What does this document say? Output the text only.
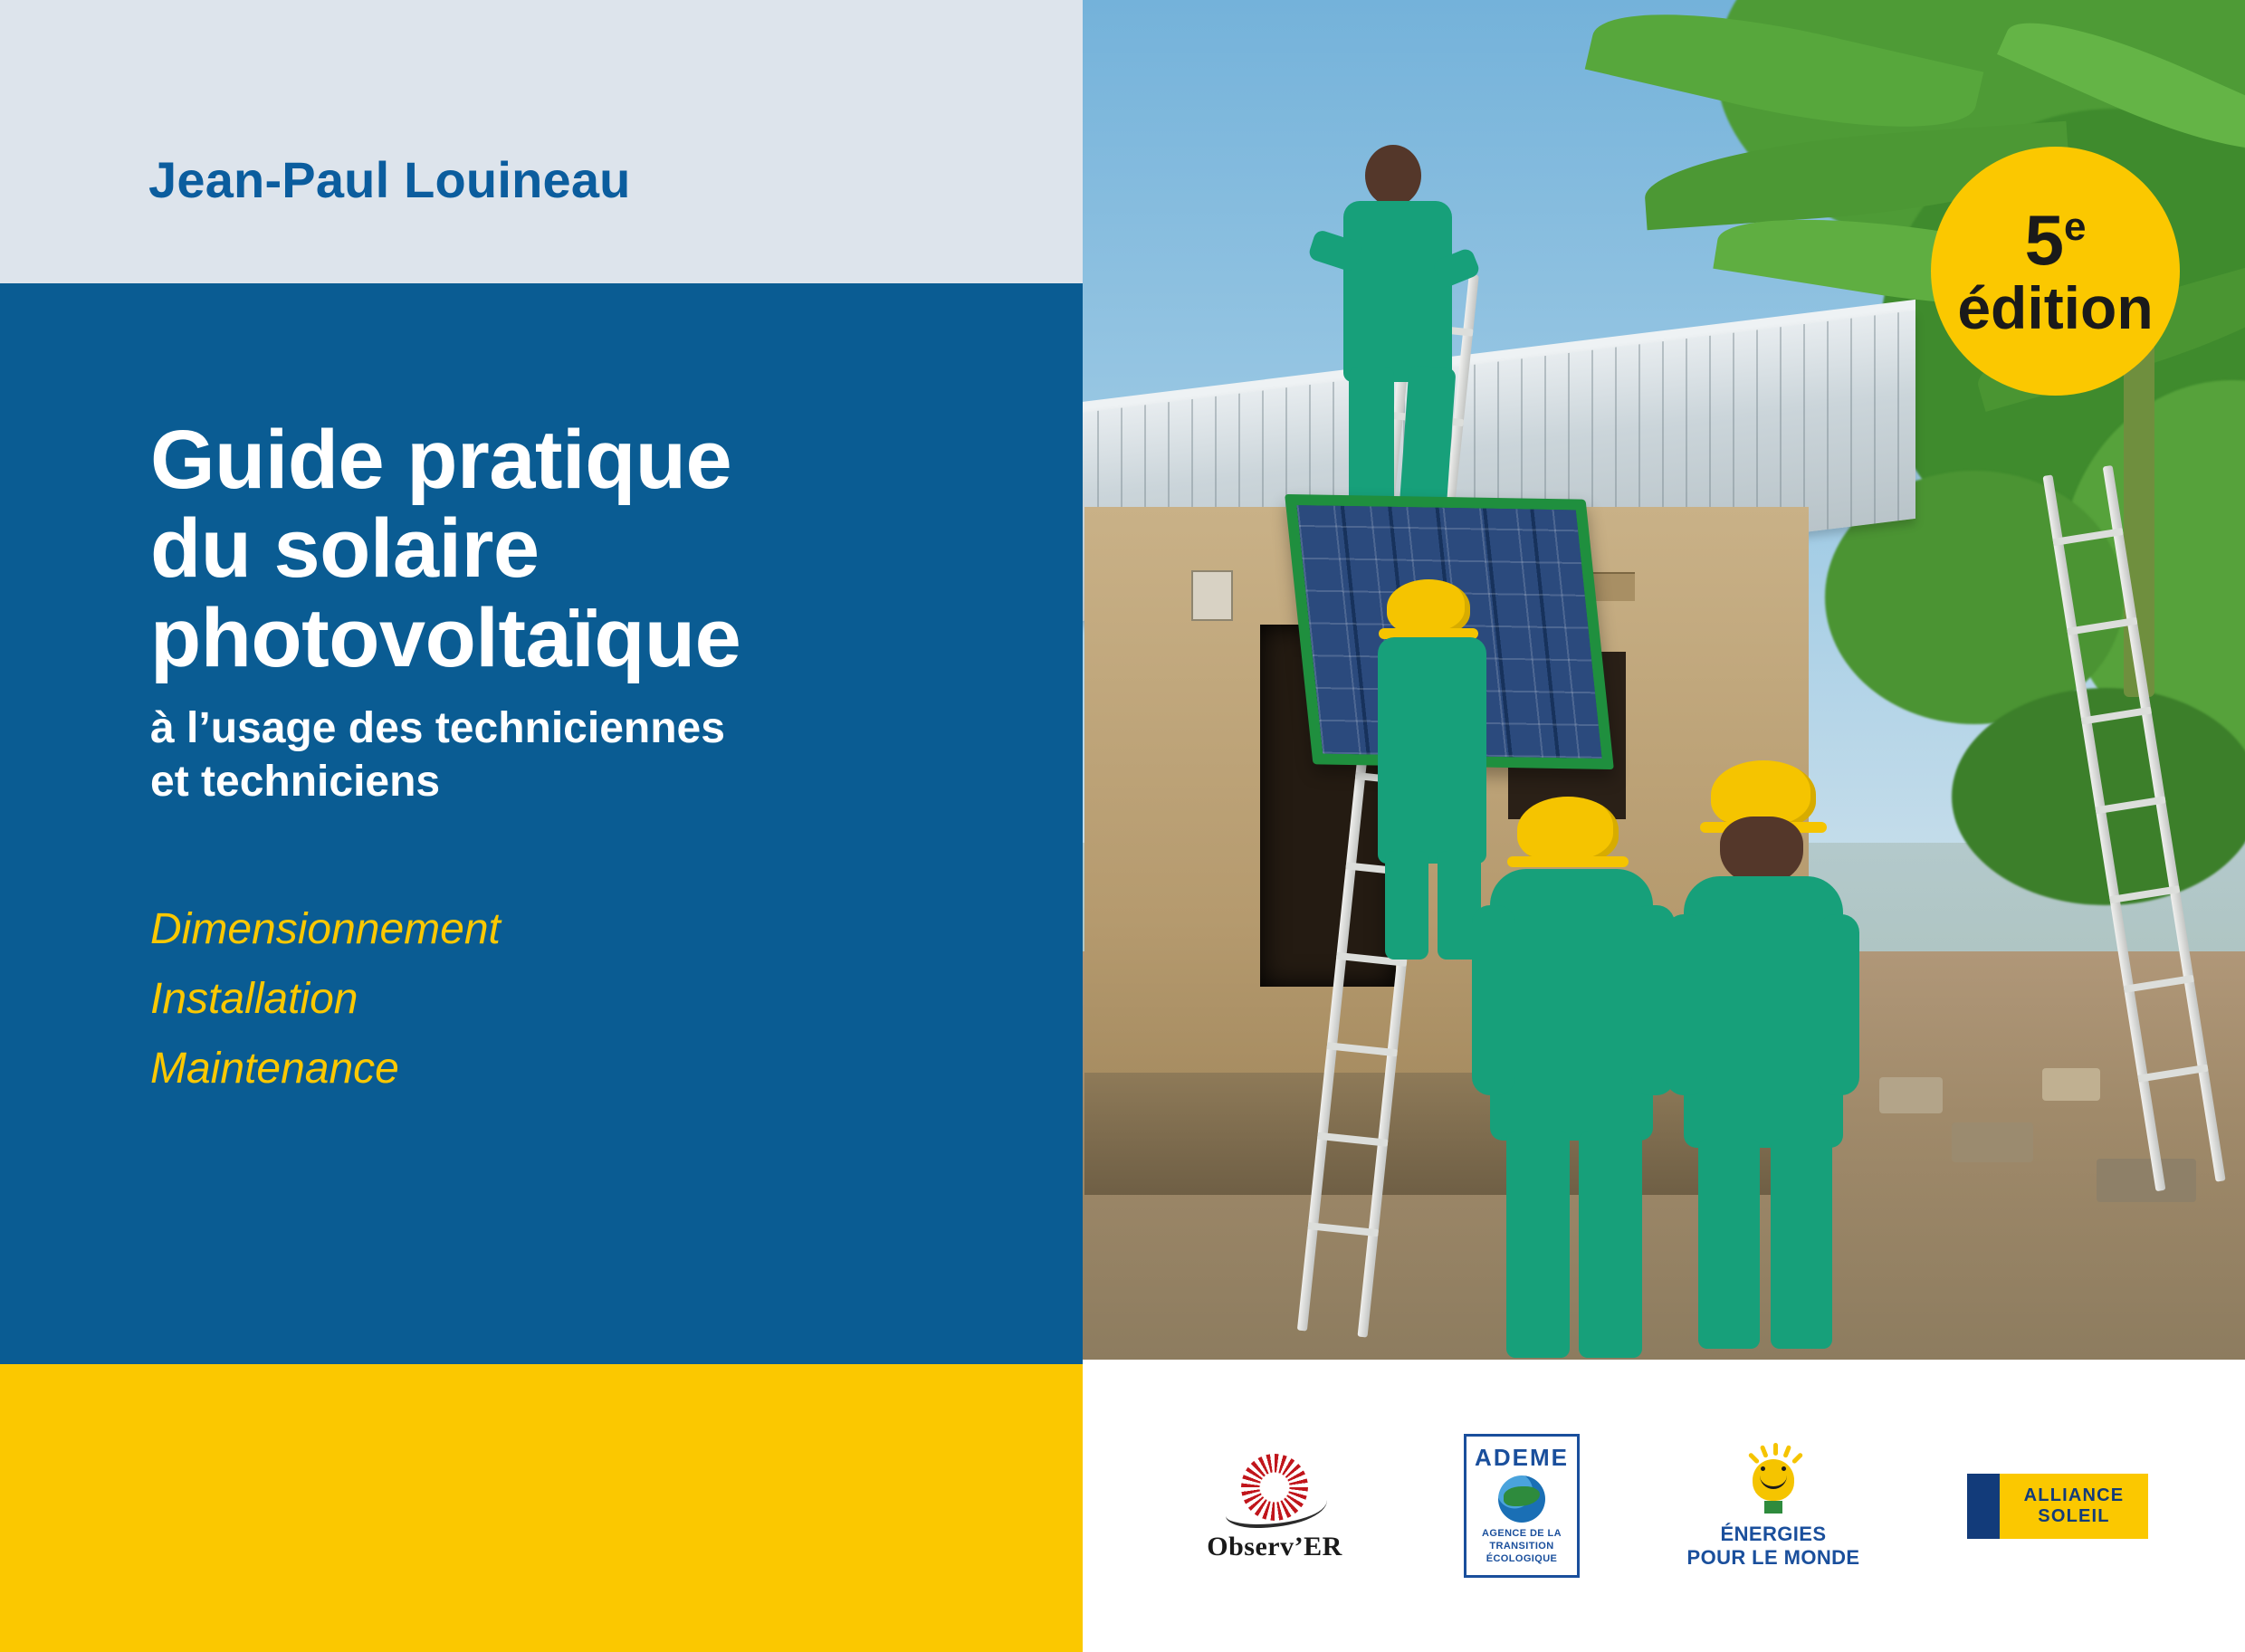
Jean-Paul Louineau
Guide pratique
du solaire
photovoltaïque

à l’usage des techniciennes
et techniciens

Dimensionnement
Installation
Maintenance
5e
édition
Observ’ER
ADEME
AGENCE DE LA
TRANSITION
ÉCOLOGIQUE
ÉNERGIES
POUR LE MONDE
ALLIANCE SOLEIL
